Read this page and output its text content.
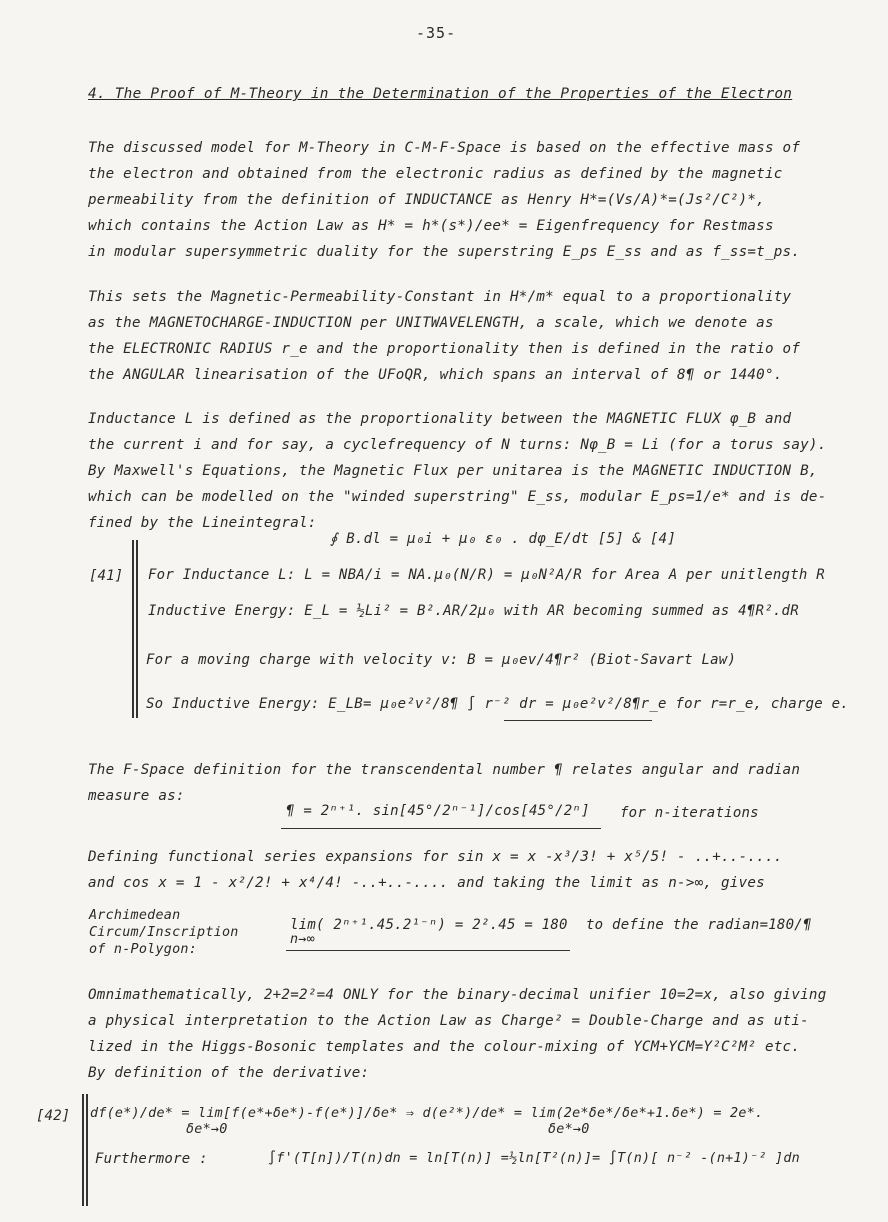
-35-
4. The Proof of M-Theory in the Determination of the Properties of the Electron
The discussed model for M-Theory in C-M-F-Space is based on the effective mass of
the electron and obtained from the electronic radius as defined by the magnetic
permeability from the definition of INDUCTANCE as Henry H*=(Vs/A)*=(Js²/C²)*,
which contains the Action Law as H* = h*(s*)/ee* = Eigenfrequency for Restmass
in modular supersymmetric duality for the superstring E_ps E_ss and as f_ss=t_ps.
This sets the Magnetic-Permeability-Constant in H*/m* equal to a proportionality
as the MAGNETOCHARGE-INDUCTION per UNITWAVELENGTH, a scale, which we denote as
the ELECTRONIC RADIUS r_e and the proportionality then is defined in the ratio of
the ANGULAR linearisation of the UFoQR, which spans an interval of 8¶ or 1440°.
Inductance L is defined as the proportionality between the MAGNETIC FLUX φ_B and
the current i and for say, a cyclefrequency of N turns: Nφ_B = Li (for a torus say).
By Maxwell's Equations, the Magnetic Flux per unitarea is the MAGNETIC INDUCTION B,
which can be modelled on the "winded superstring" E_ss, modular E_ps=1/e* and is de-
fined by the Lineintegral:
∮ B.dl = μ₀i + μ₀ ε₀ . dφ_E/dt [5] & [4]
[41] For Inductance L: L = NBA/i = NA.μ₀(N/R) = μ₀N²A/R for Area A per unitlength R
Inductive Energy: E_L = ½Li² = B².AR/2μ₀ with AR becoming summed as 4¶R².dR
For a moving charge with velocity v: B = μ₀ev/4¶r² (Biot-Savart Law)
So Inductive Energy: E_LB= μ₀e²v²/8¶ ∫ r⁻² dr = μ₀e²v²/8¶r_e for r=r_e, charge e.
The F-Space definition for the transcendental number ¶ relates angular and radian
measure as:
¶ = 2ⁿ⁺¹. sin[45°/2ⁿ⁻¹]/cos[45°/2ⁿ] for n-iterations
Defining functional series expansions for sin x = x -x³/3! + x⁵/5! - ..+..-....
and cos x = 1 - x²/2! + x⁴/4! -..+..-.... and taking the limit as n->∞, gives
Archimedean
Circum/Inscription
of n-Polygon:
lim( 2ⁿ⁺¹.45.2¹⁻ⁿ) = 2².45 = 180
n→∞
to define the radian=180/¶
Omnimathematically, 2+2=2²=4 ONLY for the binary-decimal unifier 10=2=x, also giving
a physical interpretation to the Action Law as Charge² = Double-Charge and as uti-
lized in the Higgs-Bosonic templates and the colour-mixing of YCM+YCM=Y²C²M² etc.
By definition of the derivative:
[42] df(e*)/de* = lim[f(e*+δe*)-f(e*)]/δe* ⇒ d(e²*)/de* = lim(2e*δe*/δe*+1.δe*) = 2e*.
δe*→0	δe*→0
Furthermore :	∫f'(T[n])/T(n)dn = ln[T(n)] =½ln[T²(n)]= ∫T(n)[ n⁻² -(n+1)⁻² ]dn
